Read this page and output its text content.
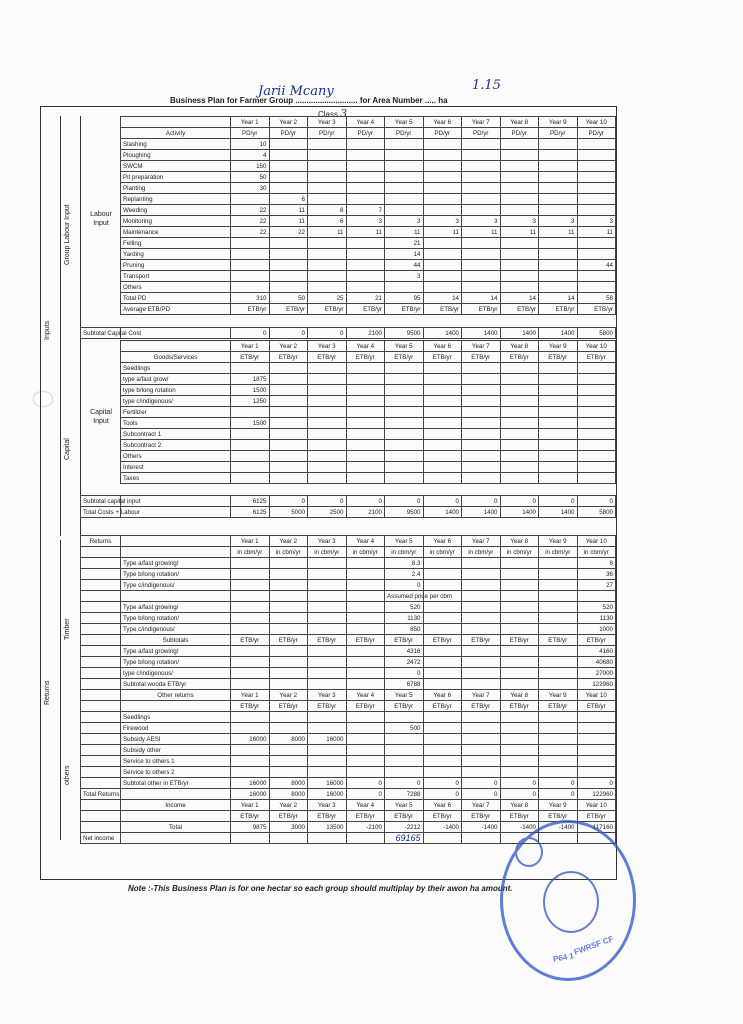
Business Plan for Farmer Group ............................ for Area Number ..... ha
Jarii Mcany	1.15
Class 3
Inputs
Group Labour Input
Capital
Returns
Timber
others
Labour Input
Capital Input
	Year 1	Year 2	Year 3	Year 4	Year 5	Year 6	Year 7	Year 8	Year 9	Year 10
Activity	PD/yr	PD/yr	PD/yr	PD/yr	PD/yr	PD/yr	PD/yr	PD/yr	PD/yr	PD/yr
Slashing	10									
Ploughing	4									
SWCM	150									
Pit preparation	50									
Planting	30									
Replanting		6								
Weeding	22	11	8	7						
Monitoring	22	11	6	3	3	3	3	3	3	3
Maintenance	22	22	11	11	11	11	11	11	11	11
Felling					21					
Yarding					14					
Pruning					44					44
Transport					3					
Others										
Total PD	310	50	25	21	95	14	14	14	14	58
Average ETB/PD	ETB/yr	ETB/yr	ETB/yr	ETB/yr	ETB/yr	ETB/yr	ETB/yr	ETB/yr	ETB/yr	ETB/yr
Subtotal Capital Cost		0	0	0	2100	9500	1400	1400	1400	1400	5800
	Year 1	Year 2	Year 3	Year 4	Year 5	Year 6	Year 7	Year 8	Year 9	Year 10
Goods/Services	ETB/yr	ETB/yr	ETB/yr	ETB/yr	ETB/yr	ETB/yr	ETB/yr	ETB/yr	ETB/yr	ETB/yr
Seedlings										
type a/fast grow/	1875									
type b/long rotation	1500									
type c/indigenous/	1250									
Fertilizer										
Tools	1500									
Subcontract 1										
Subcontract 2										
Others										
Interest										
Taxes										
Subtotal capital input		6125	0	0	0	0	0	0	0	0	0
Total Costs + Labour		6125	5000	2500	2100	9500	1400	1400	1400	1400	5800
Returns		Year 1	Year 2	Year 3	Year 4	Year 5	Year 6	Year 7	Year 8	Year 9	Year 10
		in cbm/yr	in cbm/yr	in cbm/yr	in cbm/yr	in cbm/yr	in cbm/yr	in cbm/yr	in cbm/yr	in cbm/yr	in cbm/yr
	Type a/fast growing/					8.3					8
	Type b/long rotation/					2.4					36
	Type c/indigenous/					0					27
						Assumed price per cbm					
	Type a/fast growing/					520					520
	Type b/long rotation/					1130					1130
	Type c/indigenous/					850					1000
	Subtotals	ETB/yr	ETB/yr	ETB/yr	ETB/yr	ETB/yr	ETB/yr	ETB/yr	ETB/yr	ETB/yr	ETB/yr
	Type a/fast growing/					4316					4160
	Type b/long rotation/					2472					40680
	type c/indigenous/					0					27000
	Subtotal wooda ETB/yr					6788					122960
	Other returns	Year 1	Year 2	Year 3	Year 4	Year 5	Year 6	Year 7	Year 8	Year 9	Year 10
		ETB/yr	ETB/yr	ETB/yr	ETB/yr	ETB/yr	ETB/yr	ETB/yr	ETB/yr	ETB/yr	ETB/yr
	Seedlings										
	Firewood					500					
	Subsidy AESI	16000	8000	16000							
	Subsidy other										
	Service to others 1										
	Service to others 2										
	Subtotal other in ETB/yr	16000	8000	16000	0	0	0	0	0	0	0
Total Returns		16000	8000	16000	0	7288	0	0	0	0	122960
	Income	Year 1	Year 2	Year 3	Year 4	Year 5	Year 6	Year 7	Year 8	Year 9	Year 10
		ETB/yr	ETB/yr	ETB/yr	ETB/yr	ETB/yr	ETB/yr	ETB/yr	ETB/yr	ETB/yr	ETB/yr
	Total	9875	3000	13500	-2100	-2212	-1400	-1400	-1400	-1400	117160
Net income						69165					
Note :-This Business Plan is for one hectar so each group should multiplay by their awon ha amount.
FWRSF CF
P64 1
